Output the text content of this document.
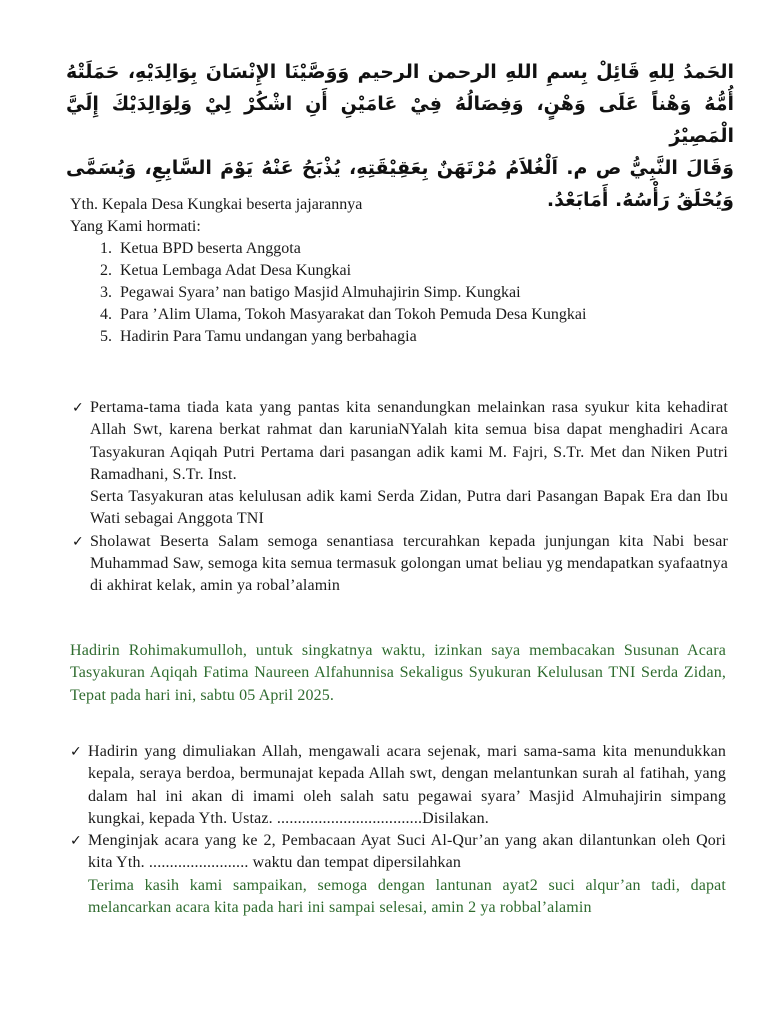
الحَمدُ لِلهِ قَائِلْ بِسمِ اللهِ الرحمن الرحيم وَوَصَّيْنَا الإِنْسَانَ بِوَالِدَيْهِ، حَمَلَتْهُ أُمُّهُ وَهْناً عَلَى وَهْنٍ، وَفِصَالُهُ فِيْ عَامَيْنِ أَنِ اشْكُرْ لِيْ وَلِوَالِدَيْكَ إِلَيَّ الْمَصِيْرُ

وَقَالَ النَّبِيُّ ص م. اَلْغُلاَمُ مُرْتَهَنٌ بِعَقِيْقَتِهِ، يُذْبَحُ عَنْهُ يَوْمَ السَّابِعِ، وَيُسَمَّى وَيُحْلَقُ رَأْسُهُ. أَمَابَعْدُ.

Yth. Kepala Desa Kungkai beserta jajarannya

Yang Kami hormati:

1. Ketua BPD beserta Anggota
2. Ketua Lembaga Adat Desa Kungkai
3. Pegawai Syara’ nan batigo Masjid Almuhajirin Simp. Kungkai
4. Para ’Alim Ulama, Tokoh Masyarakat dan Tokoh Pemuda Desa Kungkai
5. Hadirin Para Tamu undangan yang berbahagia
✓ Pertama-tama tiada kata yang pantas kita senandungkan melainkan rasa syukur kita kehadirat Allah Swt, karena berkat rahmat dan karuniaNYalah kita semua bisa dapat menghadiri Acara Tasyakuran Aqiqah Putri Pertama dari pasangan adik kami M. Fajri, S.Tr. Met dan Niken Putri Ramadhani, S.Tr. Inst.

Serta Tasyakuran atas kelulusan adik kami Serda Zidan, Putra dari Pasangan Bapak Era dan Ibu Wati sebagai Anggota TNI

✓ Sholawat Beserta Salam semoga senantiasa tercurahkan kepada junjungan kita Nabi besar Muhammad Saw, semoga kita semua termasuk golongan umat beliau yg mendapatkan syafaatnya di akhirat kelak, amin ya robal’alamin

Hadirin Rohimakumulloh, untuk singkatnya waktu, izinkan saya membacakan Susunan Acara Tasyakuran Aqiqah Fatima Naureen Alfahunnisa Sekaligus Syukuran Kelulusan TNI Serda Zidan, Tepat pada hari ini, sabtu 05 April 2025.

✓ Hadirin yang dimuliakan Allah, mengawali acara sejenak, mari sama-sama kita menundukkan kepala, seraya berdoa, bermunajat kepada Allah swt, dengan melantunkan surah al fatihah, yang dalam hal ini akan di imami oleh salah satu pegawai syara’ Masjid Almuhajirin simpang kungkai, kepada Yth. Ustaz. ...................................Disilakan.

✓ Menginjak acara yang ke 2, Pembacaan Ayat Suci Al-Qur’an yang akan dilantunkan oleh Qori kita Yth. ........................ waktu dan tempat dipersilahkan

Terima kasih kami sampaikan, semoga dengan lantunan ayat2 suci alqur’an tadi, dapat melancarkan acara kita pada hari ini sampai selesai, amin 2 ya robbal’alamin
